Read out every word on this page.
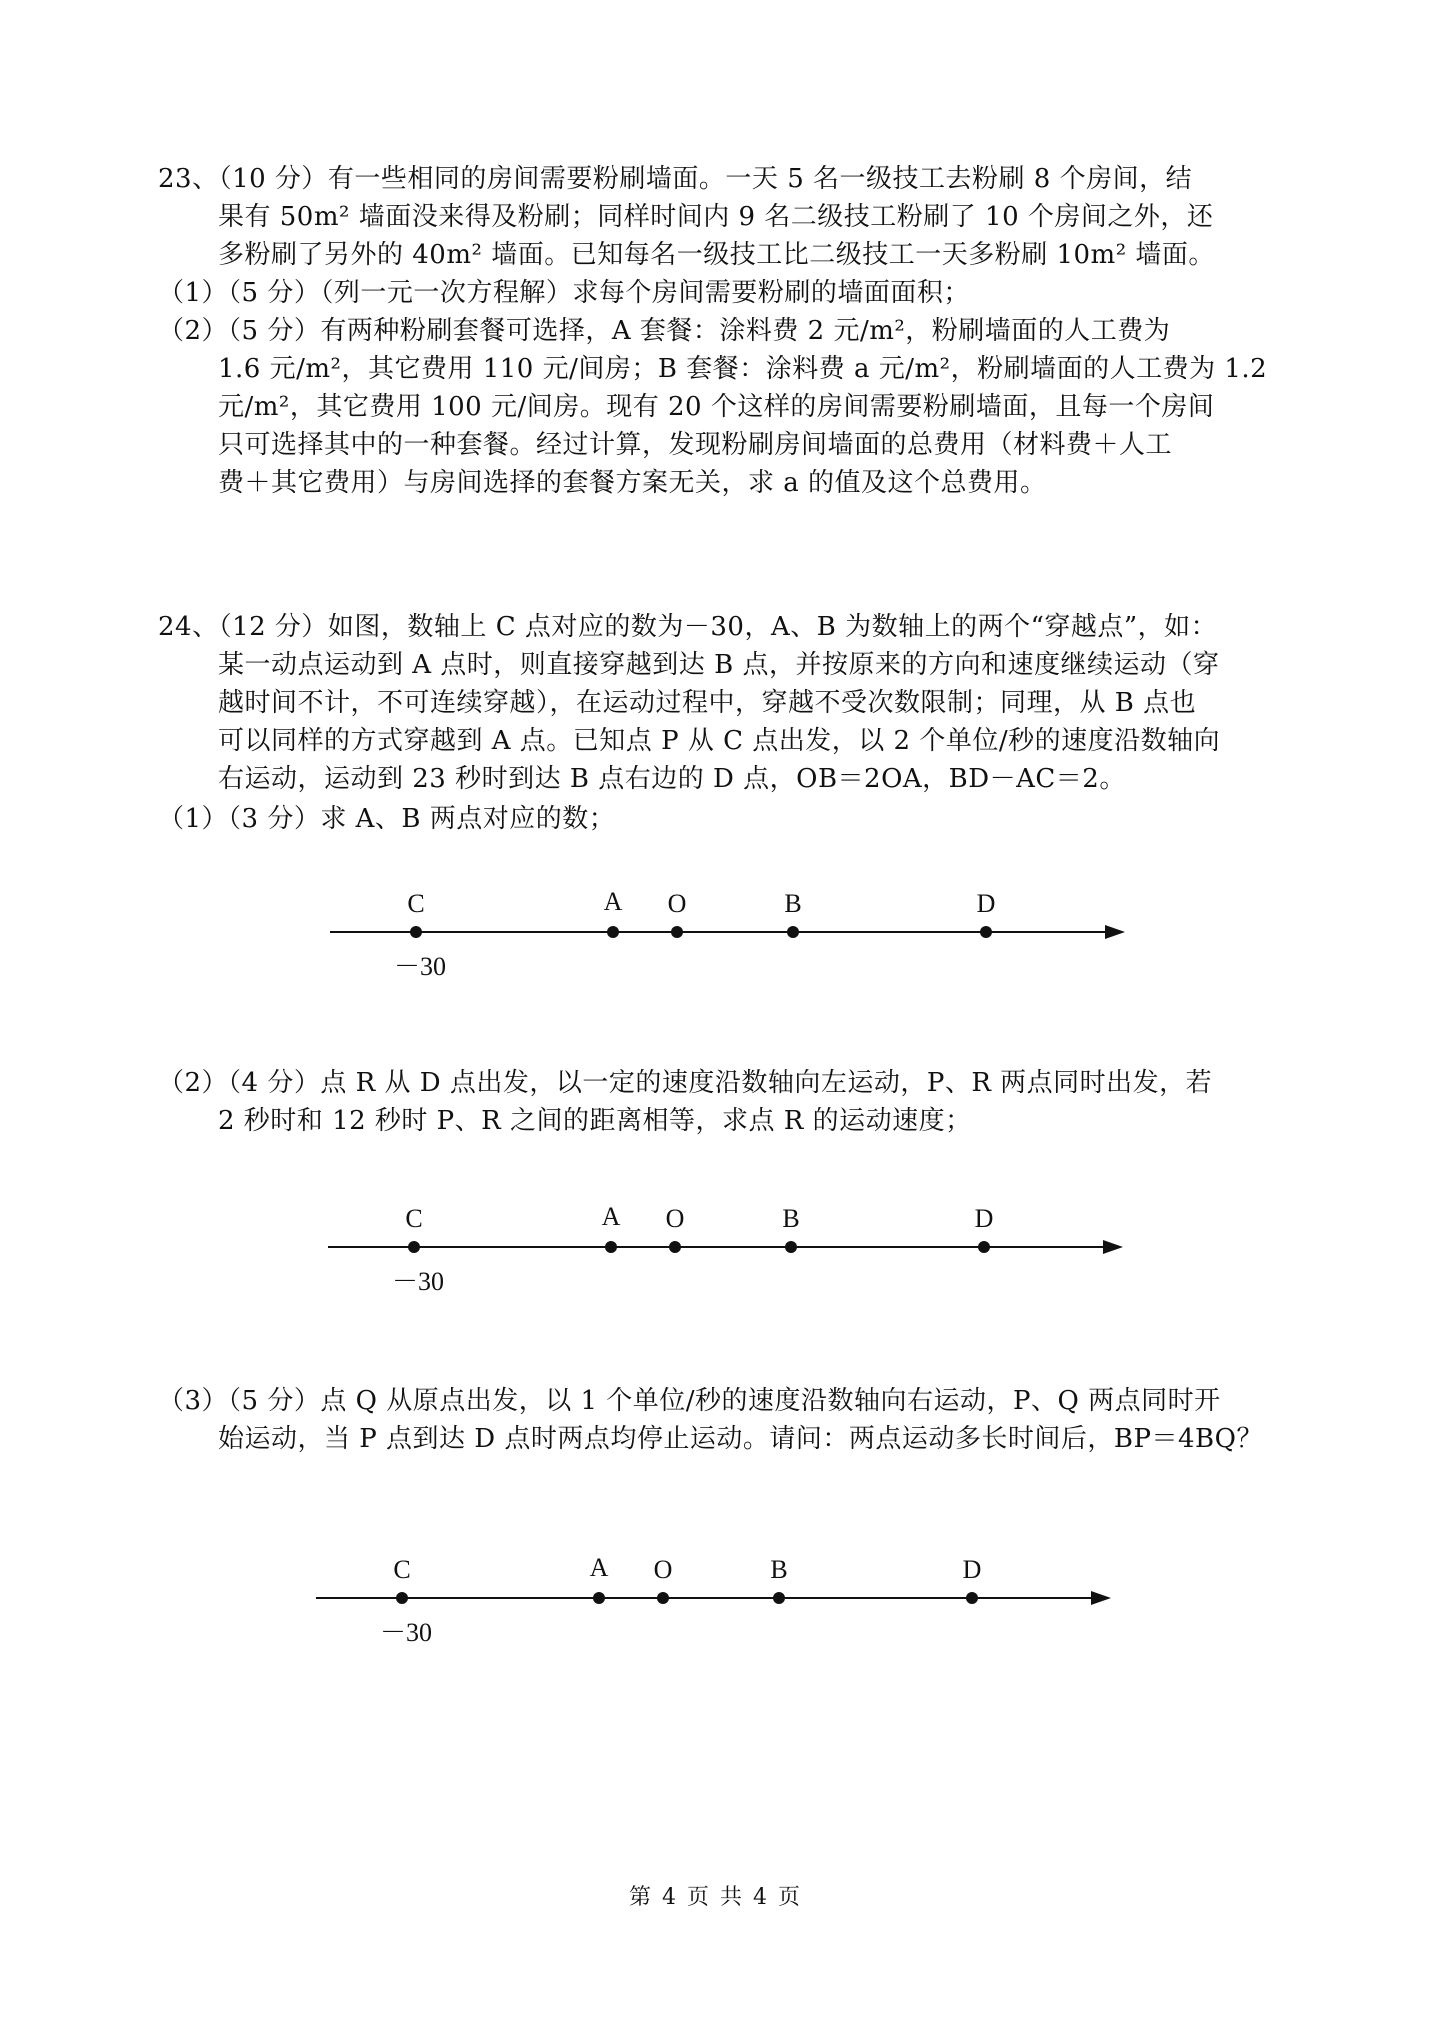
23、（10 分）有一些相同的房间需要粉刷墙面。一天 5 名一级技工去粉刷 8 个房间，结
果有 50m² 墙面没来得及粉刷；同样时间内 9 名二级技工粉刷了 10 个房间之外，还
多粉刷了另外的 40m² 墙面。已知每名一级技工比二级技工一天多粉刷 10m² 墙面。
（1）（5 分）（列一元一次方程解）求每个房间需要粉刷的墙面面积；
（2）（5 分）有两种粉刷套餐可选择，A 套餐：涂料费 2 元/m²，粉刷墙面的人工费为
1.6 元/m²，其它费用 110 元/间房；B 套餐：涂料费 a 元/m²，粉刷墙面的人工费为 1.2
元/m²，其它费用 100 元/间房。现有 20 个这样的房间需要粉刷墙面，且每一个房间
只可选择其中的一种套餐。经过计算，发现粉刷房间墙面的总费用（材料费＋人工
费＋其它费用）与房间选择的套餐方案无关，求 a 的值及这个总费用。
24、（12 分）如图，数轴上 C 点对应的数为－30，A、B 为数轴上的两个“穿越点”，如：
某一动点运动到 A 点时，则直接穿越到达 B 点，并按原来的方向和速度继续运动（穿
越时间不计，不可连续穿越），在运动过程中，穿越不受次数限制；同理，从 B 点也
可以同样的方式穿越到 A 点。已知点 P 从 C 点出发，以 2 个单位/秒的速度沿数轴向
右运动，运动到 23 秒时到达 B 点右边的 D 点，OB＝2OA，BD－AC＝2。
（1）（3 分）求 A、B 两点对应的数；
C	A O	B	D
－30
（2）（4 分）点 R 从 D 点出发，以一定的速度沿数轴向左运动，P、R 两点同时出发，若
2 秒时和 12 秒时 P、R 之间的距离相等，求点 R 的运动速度；
C	A O	B	D
－30
（3）（5 分）点 Q 从原点出发，以 1 个单位/秒的速度沿数轴向右运动，P、Q 两点同时开
始运动，当 P 点到达 D 点时两点均停止运动。请问：两点运动多长时间后，BP＝4BQ？
C	A O	B	D
－30
第 4 页 共 4 页
